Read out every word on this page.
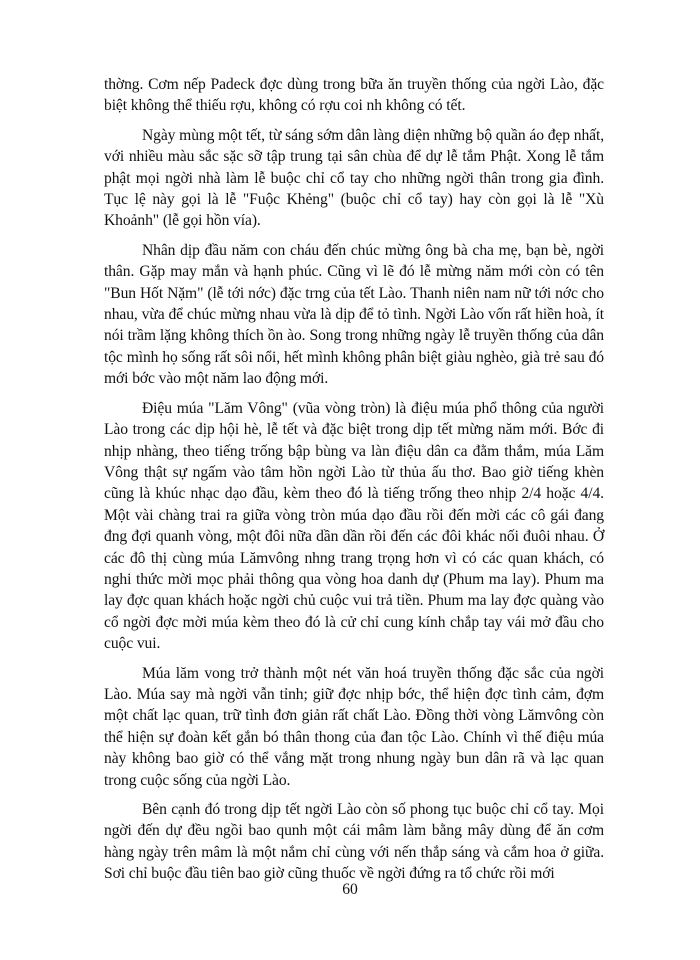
thờng. Cơm nếp Padeck đợc dùng trong bữa ăn truyền thống của ngời Lào, đặc biệt không thể thiếu rợu, không có rợu coi nh không có tết.

Ngày mùng một tết, từ sáng sớm dân làng diện những bộ quần áo đẹp nhất, với nhiều màu sắc sặc sỡ tập trung tại sân chùa để dự lễ tắm Phật. Xong lễ tắm phật mọi ngời nhà làm lễ buộc chỉ cổ tay cho những ngời thân trong gia đình. Tục lệ này gọi là lễ "Fuộc Khẻng" (buộc chỉ cổ tay) hay còn gọi là lễ "Xù Khoảnh" (lễ gọi hồn vía).

Nhân dịp đầu năm con cháu đến chúc mừng ông bà cha mẹ, bạn bè, ngời thân. Gặp may mắn và hạnh phúc. Cũng vì lẽ đó lễ mừng năm mới còn có tên "Bun Hốt Nặm" (lễ tới nớc) đặc trng của tết Lào. Thanh niên nam nữ tới nớc cho nhau, vừa để chúc mừng nhau vừa là dịp để tỏ tình. Ngời Lào vốn rất hiền hoà, ít nói trầm lặng không thích ồn ào. Song trong những ngày lễ truyền thống của dân tộc mình họ sống rất sôi nổi, hết mình không phân biệt giàu nghèo, già trẻ sau đó mới bớc vào một năm lao động mới.

Điệu múa "Lăm Vông" (vũa vòng tròn) là điệu múa phổ thông của người Lào trong các dịp hội hè, lễ tết và đặc biệt trong dịp tết mừng năm mới. Bớc đi nhịp nhàng, theo tiếng trống bập bùng va làn điệu dân ca đằm thắm, múa Lăm Vông thật sự ngấm vào tâm hồn ngời Lào từ thủa ấu thơ. Bao giờ tiếng khèn cũng là khúc nhạc dạo đầu, kèm theo đó là tiếng trống theo nhịp 2/4 hoặc 4/4. Một vài chàng trai ra giữa vòng tròn múa dạo đầu rồi đến mời các cô gái đang đng đợi quanh vòng, một đôi nữa dần dần rồi đến các đôi khác nối đuôi nhau. Ở các đô thị cùng múa Lămvông nhng trang trọng hơn vì có các quan khách, có nghi thức mời mọc phải thông qua vòng hoa danh dự (Phum ma lay). Phum ma lay đợc quan khách hoặc ngời chủ cuộc vui trả tiền. Phum ma lay đợc quàng vào cổ ngời đợc mời múa kèm theo đó là cử chỉ cung kính chắp tay vái mở đầu cho cuộc vui.

Múa lăm vong trở thành một nét văn hoá truyền thống đặc sắc của ngời Lào. Múa say mà ngời vẫn tỉnh; giữ đợc nhịp bớc, thể hiện đợc tình cảm, đợm một chất lạc quan, trữ tình đơn giản rất chất Lào. Đồng thời vòng Lămvông còn thể hiện sự đoàn kết gắn bó thân thong của đan tộc Lào. Chính vì thế điệu múa này không bao giờ có thể vắng mặt trong nhung ngày bun dân rã và lạc quan trong cuộc sống của ngời Lào.

Bên cạnh đó trong dịp tết ngời Lào còn số phong tục buộc chỉ cổ tay. Mọi ngời đến dự đều ngồi bao qunh một cái mâm làm bằng mây dùng để ăn cơm hàng ngày trên mâm là một nắm chỉ cùng với nến thắp sáng và cắm hoa ở giữa. Sơi chỉ buộc đầu tiên bao giờ cũng thuốc về ngời đứng ra tổ chức rồi mới

60
